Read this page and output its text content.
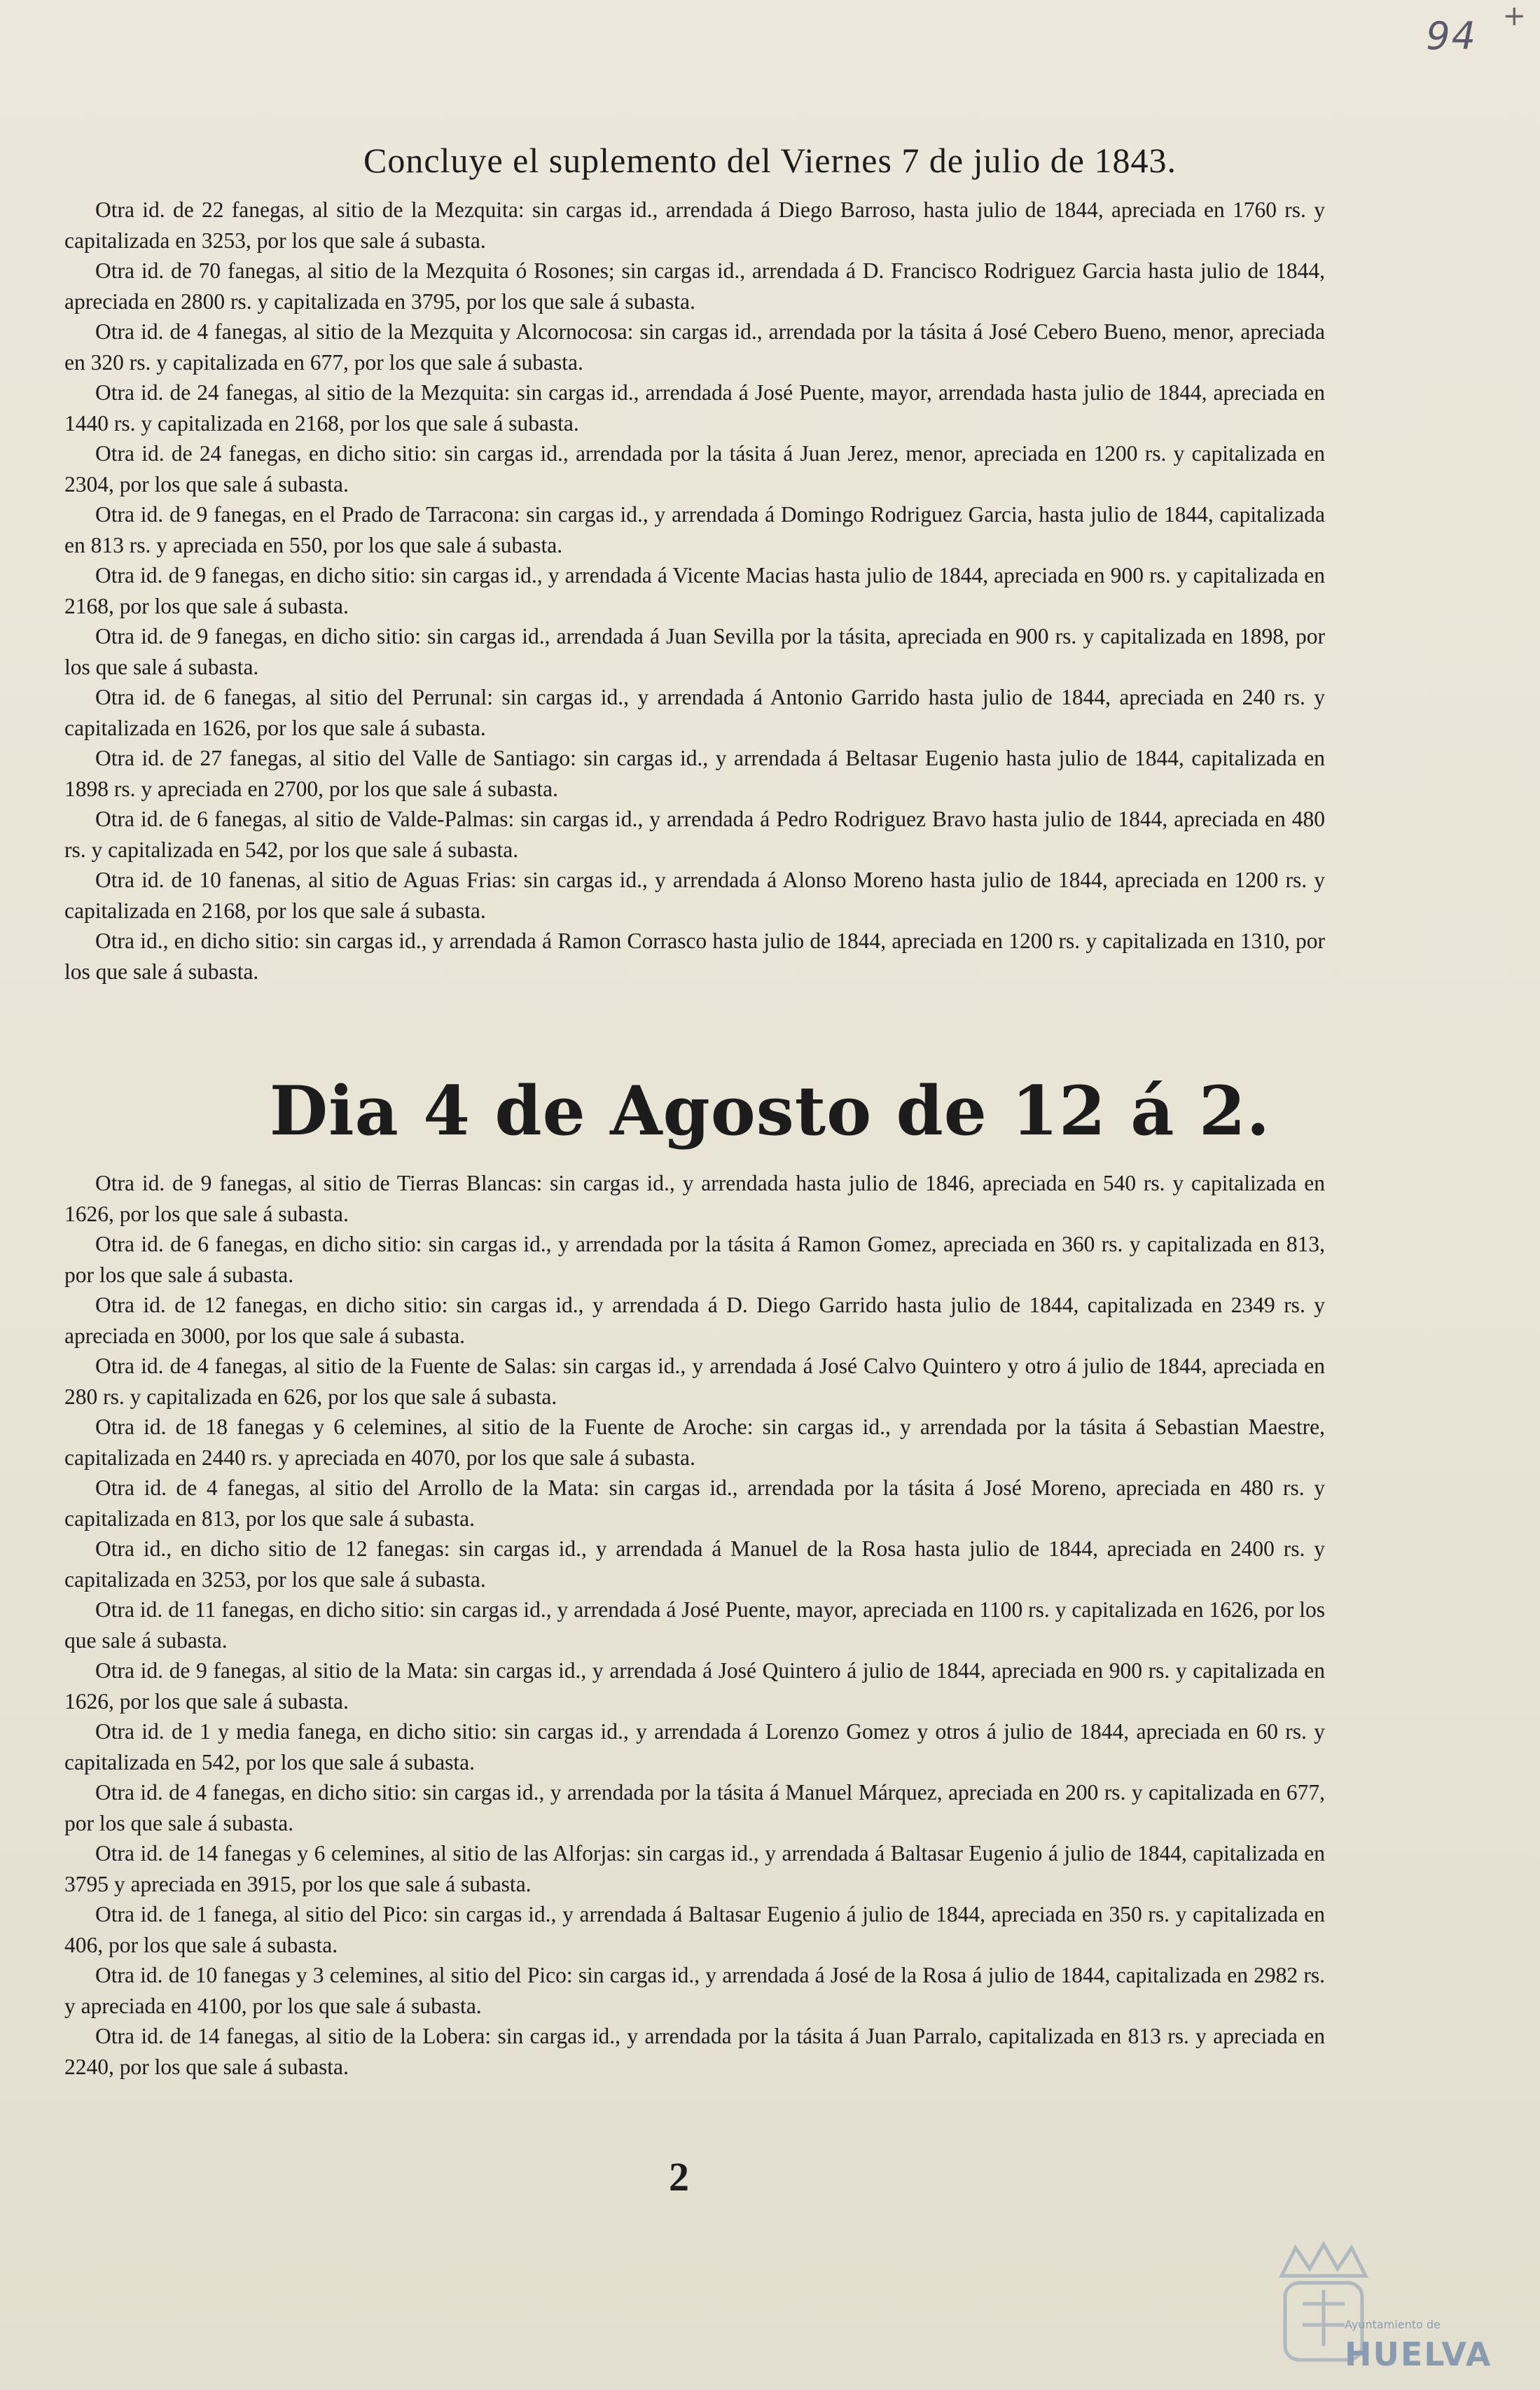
94 +
Concluye el suplemento del Viernes 7 de julio de 1843.

Otra id. de 22 fanegas, al sitio de la Mezquita: sin cargas id., arrendada á Diego Barroso, hasta julio de 1844, apreciada en 1760 rs. y capitalizada en 3253, por los que sale á subasta.

Otra id. de 70 fanegas, al sitio de la Mezquita ó Rosones; sin cargas id., arrendada á D. Francisco Rodriguez Garcia hasta julio de 1844, apreciada en 2800 rs. y capitalizada en 3795, por los que sale á subasta.

Otra id. de 4 fanegas, al sitio de la Mezquita y Alcornocosa: sin cargas id., arrendada por la tásita á José Cebero Bueno, menor, apreciada en 320 rs. y capitalizada en 677, por los que sale á subasta.

Otra id. de 24 fanegas, al sitio de la Mezquita: sin cargas id., arrendada á José Puente, mayor, arrendada hasta julio de 1844, apreciada en 1440 rs. y capitalizada en 2168, por los que sale á subasta.

Otra id. de 24 fanegas, en dicho sitio: sin cargas id., arrendada por la tásita á Juan Jerez, menor, apreciada en 1200 rs. y capitalizada en 2304, por los que sale á subasta.

Otra id. de 9 fanegas, en el Prado de Tarracona: sin cargas id., y arrendada á Domingo Rodriguez Garcia, hasta julio de 1844, capitalizada en 813 rs. y apreciada en 550, por los que sale á subasta.

Otra id. de 9 fanegas, en dicho sitio: sin cargas id., y arrendada á Vicente Macias hasta julio de 1844, apreciada en 900 rs. y capitalizada en 2168, por los que sale á subasta.

Otra id. de 9 fanegas, en dicho sitio: sin cargas id., arrendada á Juan Sevilla por la tásita, apreciada en 900 rs. y capitalizada en 1898, por los que sale á subasta.

Otra id. de 6 fanegas, al sitio del Perrunal: sin cargas id., y arrendada á Antonio Garrido hasta julio de 1844, apreciada en 240 rs. y capitalizada en 1626, por los que sale á subasta.

Otra id. de 27 fanegas, al sitio del Valle de Santiago: sin cargas id., y arrendada á Beltasar Eugenio hasta julio de 1844, capitalizada en 1898 rs. y apreciada en 2700, por los que sale á subasta.

Otra id. de 6 fanegas, al sitio de Valde-Palmas: sin cargas id., y arrendada á Pedro Rodriguez Bravo hasta julio de 1844, apreciada en 480 rs. y capitalizada en 542, por los que sale á subasta.

Otra id. de 10 fanenas, al sitio de Aguas Frias: sin cargas id., y arrendada á Alonso Moreno hasta julio de 1844, apreciada en 1200 rs. y capitalizada en 2168, por los que sale á subasta.

Otra id., en dicho sitio: sin cargas id., y arrendada á Ramon Corrasco hasta julio de 1844, apreciada en 1200 rs. y capitalizada en 1310, por los que sale á subasta.

Dia 4 de Agosto de 12 á 2.

Otra id. de 9 fanegas, al sitio de Tierras Blancas: sin cargas id., y arrendada hasta julio de 1846, apreciada en 540 rs. y capitalizada en 1626, por los que sale á subasta.

Otra id. de 6 fanegas, en dicho sitio: sin cargas id., y arrendada por la tásita á Ramon Gomez, apreciada en 360 rs. y capitalizada en 813, por los que sale á subasta.

Otra id. de 12 fanegas, en dicho sitio: sin cargas id., y arrendada á D. Diego Garrido hasta julio de 1844, capitalizada en 2349 rs. y apreciada en 3000, por los que sale á subasta.

Otra id. de 4 fanegas, al sitio de la Fuente de Salas: sin cargas id., y arrendada á José Calvo Quintero y otro á julio de 1844, apreciada en 280 rs. y capitalizada en 626, por los que sale á subasta.

Otra id. de 18 fanegas y 6 celemines, al sitio de la Fuente de Aroche: sin cargas id., y arrendada por la tásita á Sebastian Maestre, capitalizada en 2440 rs. y apreciada en 4070, por los que sale á subasta.

Otra id. de 4 fanegas, al sitio del Arrollo de la Mata: sin cargas id., arrendada por la tásita á José Moreno, apreciada en 480 rs. y capitalizada en 813, por los que sale á subasta.

Otra id., en dicho sitio de 12 fanegas: sin cargas id., y arrendada á Manuel de la Rosa hasta julio de 1844, apreciada en 2400 rs. y capitalizada en 3253, por los que sale á subasta.

Otra id. de 11 fanegas, en dicho sitio: sin cargas id., y arrendada á José Puente, mayor, apreciada en 1100 rs. y capitalizada en 1626, por los que sale á subasta.

Otra id. de 9 fanegas, al sitio de la Mata: sin cargas id., y arrendada á José Quintero á julio de 1844, apreciada en 900 rs. y capitalizada en 1626, por los que sale á subasta.

Otra id. de 1 y media fanega, en dicho sitio: sin cargas id., y arrendada á Lorenzo Gomez y otros á julio de 1844, apreciada en 60 rs. y capitalizada en 542, por los que sale á subasta.

Otra id. de 4 fanegas, en dicho sitio: sin cargas id., y arrendada por la tásita á Manuel Márquez, apreciada en 200 rs. y capitalizada en 677, por los que sale á subasta.

Otra id. de 14 fanegas y 6 celemines, al sitio de las Alforjas: sin cargas id., y arrendada á Baltasar Eugenio á julio de 1844, capitalizada en 3795 y apreciada en 3915, por los que sale á subasta.

Otra id. de 1 fanega, al sitio del Pico: sin cargas id., y arrendada á Baltasar Eugenio á julio de 1844, apreciada en 350 rs. y capitalizada en 406, por los que sale á subasta.

Otra id. de 10 fanegas y 3 celemines, al sitio del Pico: sin cargas id., y arrendada á José de la Rosa á julio de 1844, capitalizada en 2982 rs. y apreciada en 4100, por los que sale á subasta.

Otra id. de 14 fanegas, al sitio de la Lobera: sin cargas id., y arrendada por la tásita á Juan Parralo, capitalizada en 813 rs. y apreciada en 2240, por los que sale á subasta.

2
Ayuntamiento de
HUELVA
